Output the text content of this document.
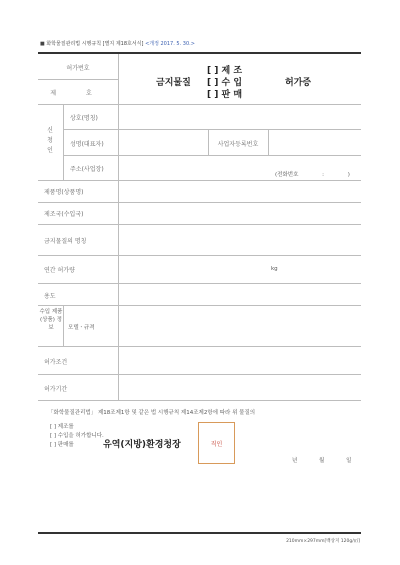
■ 화학물질관리법 시행규칙 [별지 제18호서식] <개정 2017. 5. 30.>
허가번호
제 호
금지물질
[ ] 제 조
[ ] 수 입
[ ] 판 매
허가증
신 청 인
상호(명칭)
성명(대표자)	사업자등록번호
주소(사업장)
(전화번호 : )
제품명(상품명)
제조국(수입국)
금지물질의 명칭
연간 허가량	kg
용도
수입 제품 (상품) 정보	모델ㆍ규격
허가조건
허가기간
「화학물질관리법」 제18조제1항 및 같은 법 시행규칙 제14조제2항에 따라 위 물질의
[ ] 제조를
[ ] 수입을 허가합니다.
[ ] 판매를
년 월 일
유역(지방)환경청장	직인
210mm×297mm[백상지 120g/㎡]
